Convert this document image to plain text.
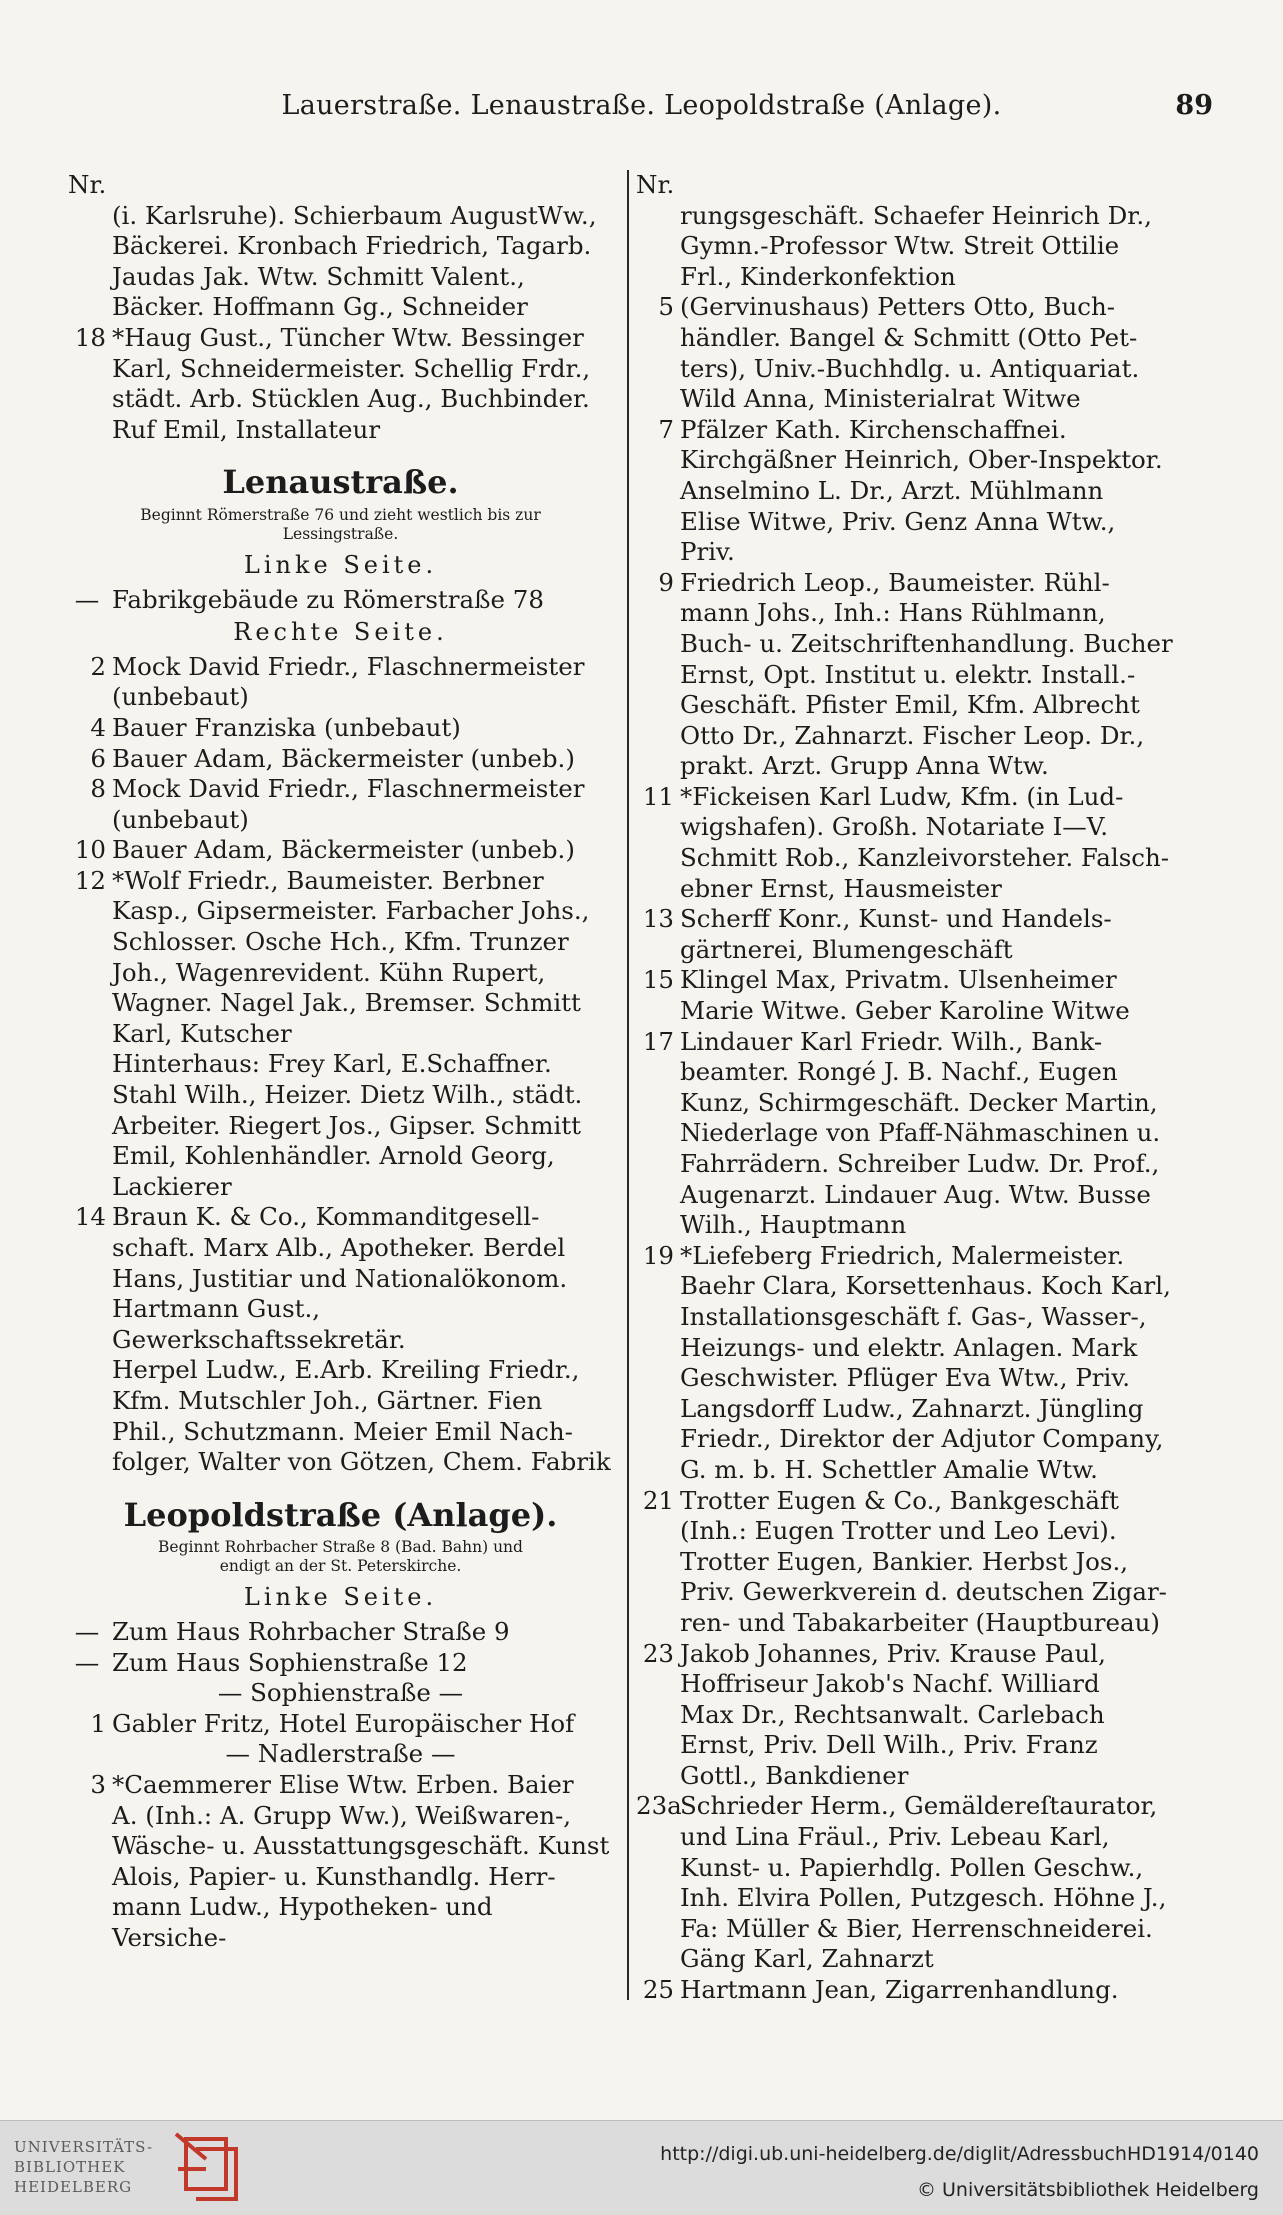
Lauerstraße. Lenaustraße. Leopoldstraße (Anlage).	89
Nr.
(i. Karlsruhe). Schierbaum AugustWw.,
Bäckerei. Kronbach Friedrich, Tagarb.
Jaudas Jak. Wtw. Schmitt Valent.,
Bäcker. Hoffmann Gg., Schneider
18 *Haug Gust., Tüncher Wtw. Bessinger
Karl, Schneidermeister. Schellig Frdr.,
städt. Arb. Stücklen Aug., Buchbinder.
Ruf Emil, Installateur
Lenaustraße.
Beginnt Römerstraße 76 und zieht westlich bis zur
Lessingstraße.
Linke Seite.
— Fabrikgebäude zu Römerstraße 78
Rechte Seite.
2 Mock David Friedr., Flaschnermeister
(unbebaut)
4 Bauer Franziska (unbebaut)
6 Bauer Adam, Bäckermeister (unbeb.)
8 Mock David Friedr., Flaschnermeister
(unbebaut)
10 Bauer Adam, Bäckermeister (unbeb.)
12 *Wolf Friedr., Baumeister. Berbner
Kasp., Gipsermeister. Farbacher Johs.,
Schlosser. Osche Hch., Kfm. Trunzer
Joh., Wagenrevident. Kühn Rupert,
Wagner. Nagel Jak., Bremser. Schmitt
Karl, Kutscher
Hinterhaus: Frey Karl, E.Schaffner.
Stahl Wilh., Heizer. Dietz Wilh., städt.
Arbeiter. Riegert Jos., Gipser. Schmitt
Emil, Kohlenhändler. Arnold Georg,
Lackierer
14 Braun K. & Co., Kommanditgesell-
schaft. Marx Alb., Apotheker. Berdel
Hans, Justitiar und Nationalökonom.
Hartmann Gust., Gewerkschaftssekretär.
Herpel Ludw., E.Arb. Kreiling Friedr.,
Kfm. Mutschler Joh., Gärtner. Fien
Phil., Schutzmann. Meier Emil Nach-
folger, Walter von Götzen, Chem. Fabrik
Leopoldstraße (Anlage).
Beginnt Rohrbacher Straße 8 (Bad. Bahn) und
endigt an der St. Peterskirche.
Linke Seite.
— Zum Haus Rohrbacher Straße 9
— Zum Haus Sophienstraße 12
— Sophienstraße —
1 Gabler Fritz, Hotel Europäischer Hof
— Nadlerstraße —
3 *Caemmerer Elise Wtw. Erben. Baier
A. (Inh.: A. Grupp Ww.), Weißwaren-,
Wäsche- u. Ausstattungsgeschäft. Kunst
Alois, Papier- u. Kunsthandlg. Herr-
mann Ludw., Hypotheken- und Versiche-
Nr.
rungsgeschäft. Schaefer Heinrich Dr.,
Gymn.-Professor Wtw. Streit Ottilie
Frl., Kinderkonfektion
5 (Gervinushaus) Petters Otto, Buch-
händler. Bangel & Schmitt (Otto Pet-
ters), Univ.-Buchhdlg. u. Antiquariat.
Wild Anna, Ministerialrat Witwe
7 Pfälzer Kath. Kirchenschaffnei.
Kirchgäßner Heinrich, Ober-Inspektor.
Anselmino L. Dr., Arzt. Mühlmann
Elise Witwe, Priv. Genz Anna Wtw.,
Priv.
9 Friedrich Leop., Baumeister. Rühl-
mann Johs., Inh.: Hans Rühlmann,
Buch- u. Zeitschriftenhandlung. Bucher
Ernst, Opt. Institut u. elektr. Install.-
Geschäft. Pfister Emil, Kfm. Albrecht
Otto Dr., Zahnarzt. Fischer Leop. Dr.,
prakt. Arzt. Grupp Anna Wtw.
11 *Fickeisen Karl Ludw, Kfm. (in Lud-
wigshafen). Großh. Notariate I—V.
Schmitt Rob., Kanzleivorsteher. Falsch-
ebner Ernst, Hausmeister
13 Scherff Konr., Kunst- und Handels-
gärtnerei, Blumengeschäft
15 Klingel Max, Privatm. Ulsenheimer
Marie Witwe. Geber Karoline Witwe
17 Lindauer Karl Friedr. Wilh., Bank-
beamter. Rongé J. B. Nachf., Eugen
Kunz, Schirmgeschäft. Decker Martin,
Niederlage von Pfaff-Nähmaschinen u.
Fahrrädern. Schreiber Ludw. Dr. Prof.,
Augenarzt. Lindauer Aug. Wtw. Busse
Wilh., Hauptmann
19 *Liefeberg Friedrich, Malermeister.
Baehr Clara, Korsettenhaus. Koch Karl,
Installationsgeschäft f. Gas-, Wasser-,
Heizungs- und elektr. Anlagen. Mark
Geschwister. Pflüger Eva Wtw., Priv.
Langsdorff Ludw., Zahnarzt. Jüngling
Friedr., Direktor der Adjutor Company,
G. m. b. H. Schettler Amalie Wtw.
21 Trotter Eugen & Co., Bankgeschäft
(Inh.: Eugen Trotter und Leo Levi).
Trotter Eugen, Bankier. Herbst Jos.,
Priv. Gewerkverein d. deutschen Zigar-
ren- und Tabakarbeiter (Hauptbureau)
23 Jakob Johannes, Priv. Krause Paul,
Hoffriseur Jakob's Nachf. Williard
Max Dr., Rechtsanwalt. Carlebach
Ernst, Priv. Dell Wilh., Priv. Franz
Gottl., Bankdiener
23a
Schrieder Herm., Gemäldereſtaurator,
und Lina Fräul., Priv. Lebeau Karl,
Kunst- u. Papierhdlg. Pollen Geschw.,
Inh. Elvira Pollen, Putzgesch. Höhne J.,
Fa: Müller & Bier, Herrenschneiderei.
Gäng Karl, Zahnarzt
25 Hartmann Jean, Zigarrenhandlung.
UNIVERSITÄTS-
BIBLIOTHEK
HEIDELBERG
http://digi.ub.uni-heidelberg.de/diglit/AdressbuchHD1914/0140
© Universitätsbibliothek Heidelberg
